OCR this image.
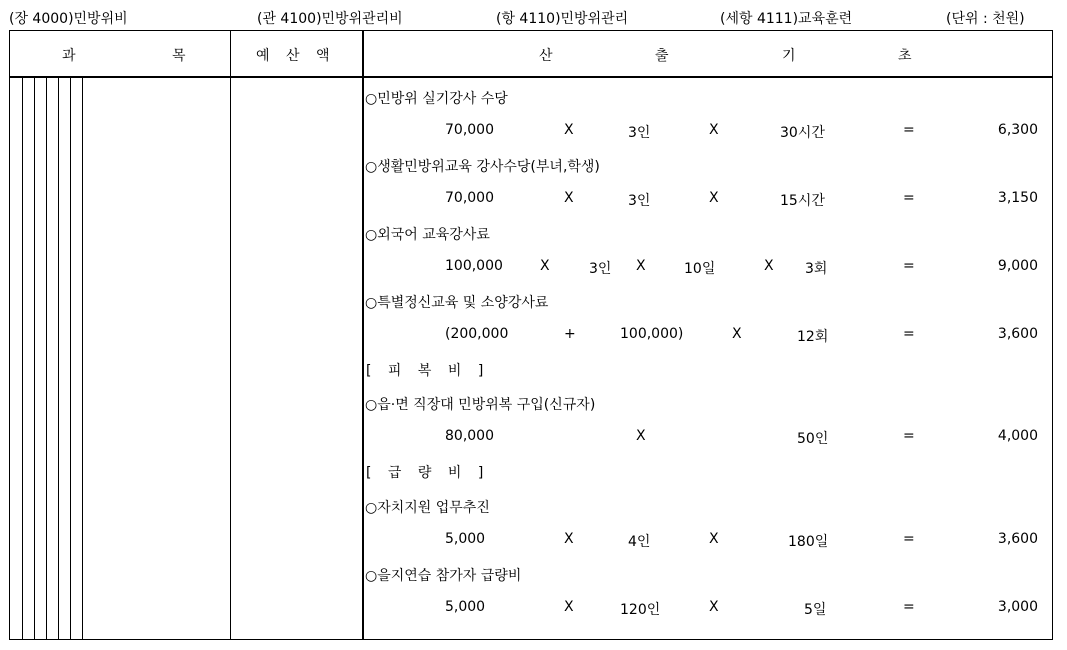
(장 4000)민방위비	(관 4100)민방위관리비	(항 4110)민방위관리	(세항 4111)교육훈련	(단위 : 천원)
과	목	예 산 액	산	출	기	초
○민방위 실기강사 수당
70,000	X	3인	X	30시간	=	6,300
○생활민방위교육 강사수당(부녀,학생)
70,000	X	3인	X	15시간	=	3,150
○외국어 교육강사료
100,000	X	3인 X	10일	X 3회	=	9,000
○특별정신교육 및 소양강사료
(200,000	+	100,000)	X	12회	=	3,600
[ 피 복 비 ]
○읍·면 직장대 민방위복 구입(신규자)
80,000	X	50인	=	4,000
[ 급 량 비 ]
○자치지원 업무추진
5,000	X	4인	X	180일	=	3,600
○을지연습 참가자 급량비
5,000	X	120인	X	5일	=	3,000
